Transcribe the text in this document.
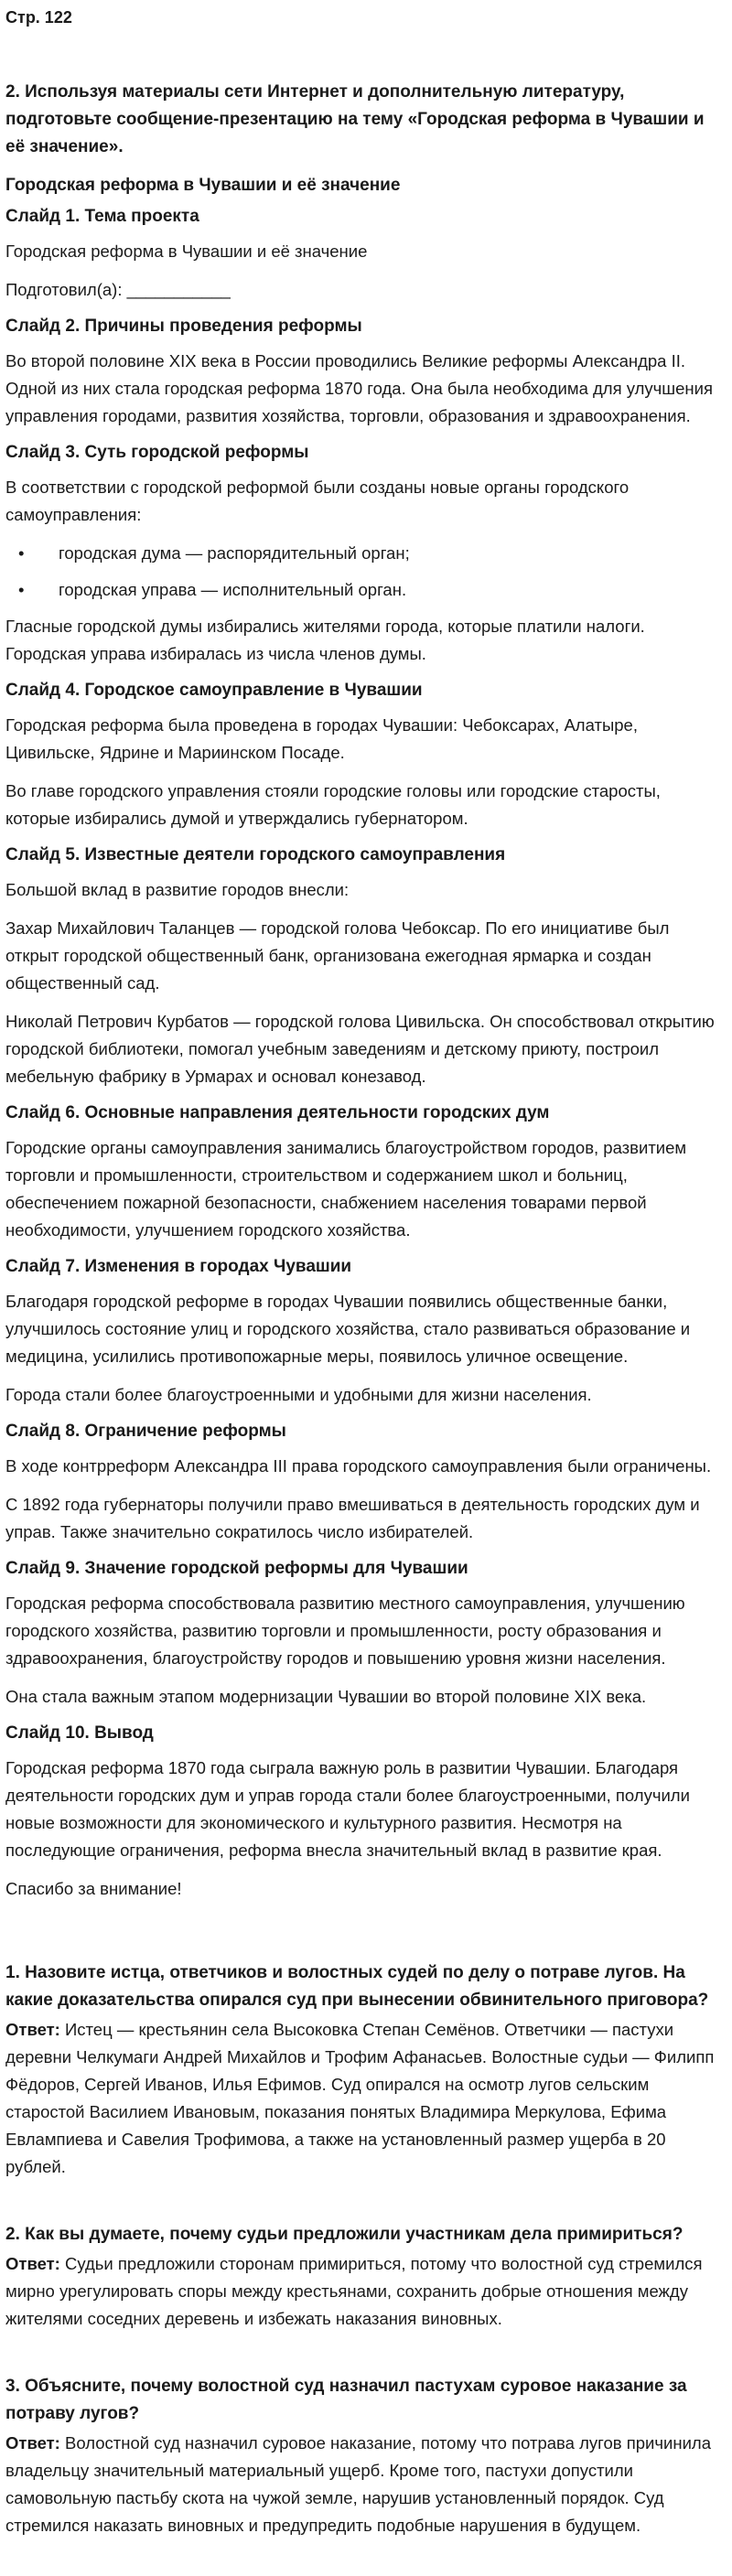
Стр. 122
2. Используя материалы сети Интернет и дополнительную литературу, подготовьте сообщение-презентацию на тему «Городская реформа в Чувашии и её значение».
Городская реформа в Чувашии и её значение
Слайд 1. Тема проекта

Городская реформа в Чувашии и её значение

Подготовил(а): ___________

Слайд 2. Причины проведения реформы

Во второй половине XIX века в России проводились Великие реформы Александра II. Одной из них стала городская реформа 1870 года. Она была необходима для улучшения управления городами, развития хозяйства, торговли, образования и здравоохранения.

Слайд 3. Суть городской реформы

В соответствии с городской реформой были созданы новые органы городского самоуправления:

• городская дума — распорядительный орган;
• городская управа — исполнительный орган.

Гласные городской думы избирались жителями города, которые платили налоги. Городская управа избиралась из числа членов думы.

Слайд 4. Городское самоуправление в Чувашии

Городская реформа была проведена в городах Чувашии: Чебоксарах, Алатыре, Цивильске, Ядрине и Мариинском Посаде.

Во главе городского управления стояли городские головы или городские старосты, которые избирались думой и утверждались губернатором.

Слайд 5. Известные деятели городского самоуправления

Большой вклад в развитие городов внесли:

Захар Михайлович Таланцев — городской голова Чебоксар. По его инициативе был открыт городской общественный банк, организована ежегодная ярмарка и создан общественный сад.

Николай Петрович Курбатов — городской голова Цивильска. Он способствовал открытию городской библиотеки, помогал учебным заведениям и детскому приюту, построил мебельную фабрику в Урмарах и основал конезавод.

Слайд 6. Основные направления деятельности городских дум

Городские органы самоуправления занимались благоустройством городов, развитием торговли и промышленности, строительством и содержанием школ и больниц, обеспечением пожарной безопасности, снабжением населения товарами первой необходимости, улучшением городского хозяйства.

Слайд 7. Изменения в городах Чувашии

Благодаря городской реформе в городах Чувашии появились общественные банки, улучшилось состояние улиц и городского хозяйства, стало развиваться образование и медицина, усилились противопожарные меры, появилось уличное освещение.

Города стали более благоустроенными и удобными для жизни населения.

Слайд 8. Ограничение реформы

В ходе контрреформ Александра III права городского самоуправления были ограничены.

С 1892 года губернаторы получили право вмешиваться в деятельность городских дум и управ. Также значительно сократилось число избирателей.

Слайд 9. Значение городской реформы для Чувашии

Городская реформа способствовала развитию местного самоуправления, улучшению городского хозяйства, развитию торговли и промышленности, росту образования и здравоохранения, благоустройству городов и повышению уровня жизни населения.

Она стала важным этапом модернизации Чувашии во второй половине XIX века.

Слайд 10. Вывод

Городская реформа 1870 года сыграла важную роль в развитии Чувашии. Благодаря деятельности городских дум и управ города стали более благоустроенными, получили новые возможности для экономического и культурного развития. Несмотря на последующие ограничения, реформа внесла значительный вклад в развитие края.

Спасибо за внимание!

1. Назовите истца, ответчиков и волостных судей по делу о потраве лугов. На какие доказательства опирался суд при вынесении обвинительного приговора?

Ответ: Истец — крестьянин села Высоковка Степан Семёнов. Ответчики — пастухи деревни Челкумаги Андрей Михайлов и Трофим Афанасьев. Волостные судьи — Филипп Фёдоров, Сергей Иванов, Илья Ефимов. Суд опирался на осмотр лугов сельским старостой Василием Ивановым, показания понятых Владимира Меркулова, Ефима Евлампиева и Савелия Трофимова, а также на установленный размер ущерба в 20 рублей.

2. Как вы думаете, почему судьи предложили участникам дела примириться?

Ответ: Судьи предложили сторонам примириться, потому что волостной суд стремился мирно урегулировать споры между крестьянами, сохранить добрые отношения между жителями соседних деревень и избежать наказания виновных.

3. Объясните, почему волостной суд назначил пастухам суровое наказание за потраву лугов?

Ответ: Волостной суд назначил суровое наказание, потому что потрава лугов причинила владельцу значительный материальный ущерб. Кроме того, пастухи допустили самовольную пастьбу скота на чужой земле, нарушив установленный порядок. Суд стремился наказать виновных и предупредить подобные нарушения в будущем.
